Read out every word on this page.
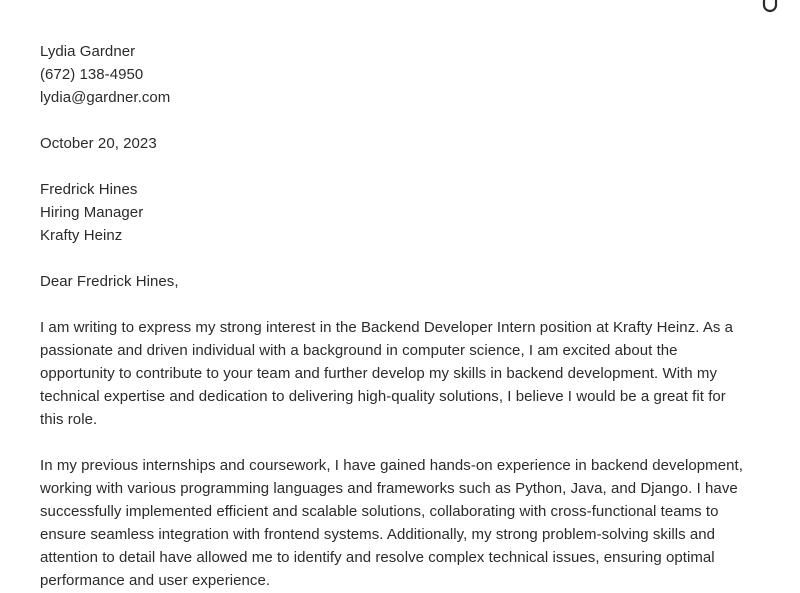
Lydia Gardner
(672) 138-4950
lydia@gardner.com
October 20, 2023
Fredrick Hines
Hiring Manager
Krafty Heinz
Dear Fredrick Hines,
I am writing to express my strong interest in the Backend Developer Intern position at Krafty Heinz. As a
passionate and driven individual with a background in computer science, I am excited about the
opportunity to contribute to your team and further develop my skills in backend development. With my
technical expertise and dedication to delivering high-quality solutions, I believe I would be a great fit for
this role.
In my previous internships and coursework, I have gained hands-on experience in backend development,
working with various programming languages and frameworks such as Python, Java, and Django. I have
successfully implemented efficient and scalable solutions, collaborating with cross-functional teams to
ensure seamless integration with frontend systems. Additionally, my strong problem-solving skills and
attention to detail have allowed me to identify and resolve complex technical issues, ensuring optimal
performance and user experience.
